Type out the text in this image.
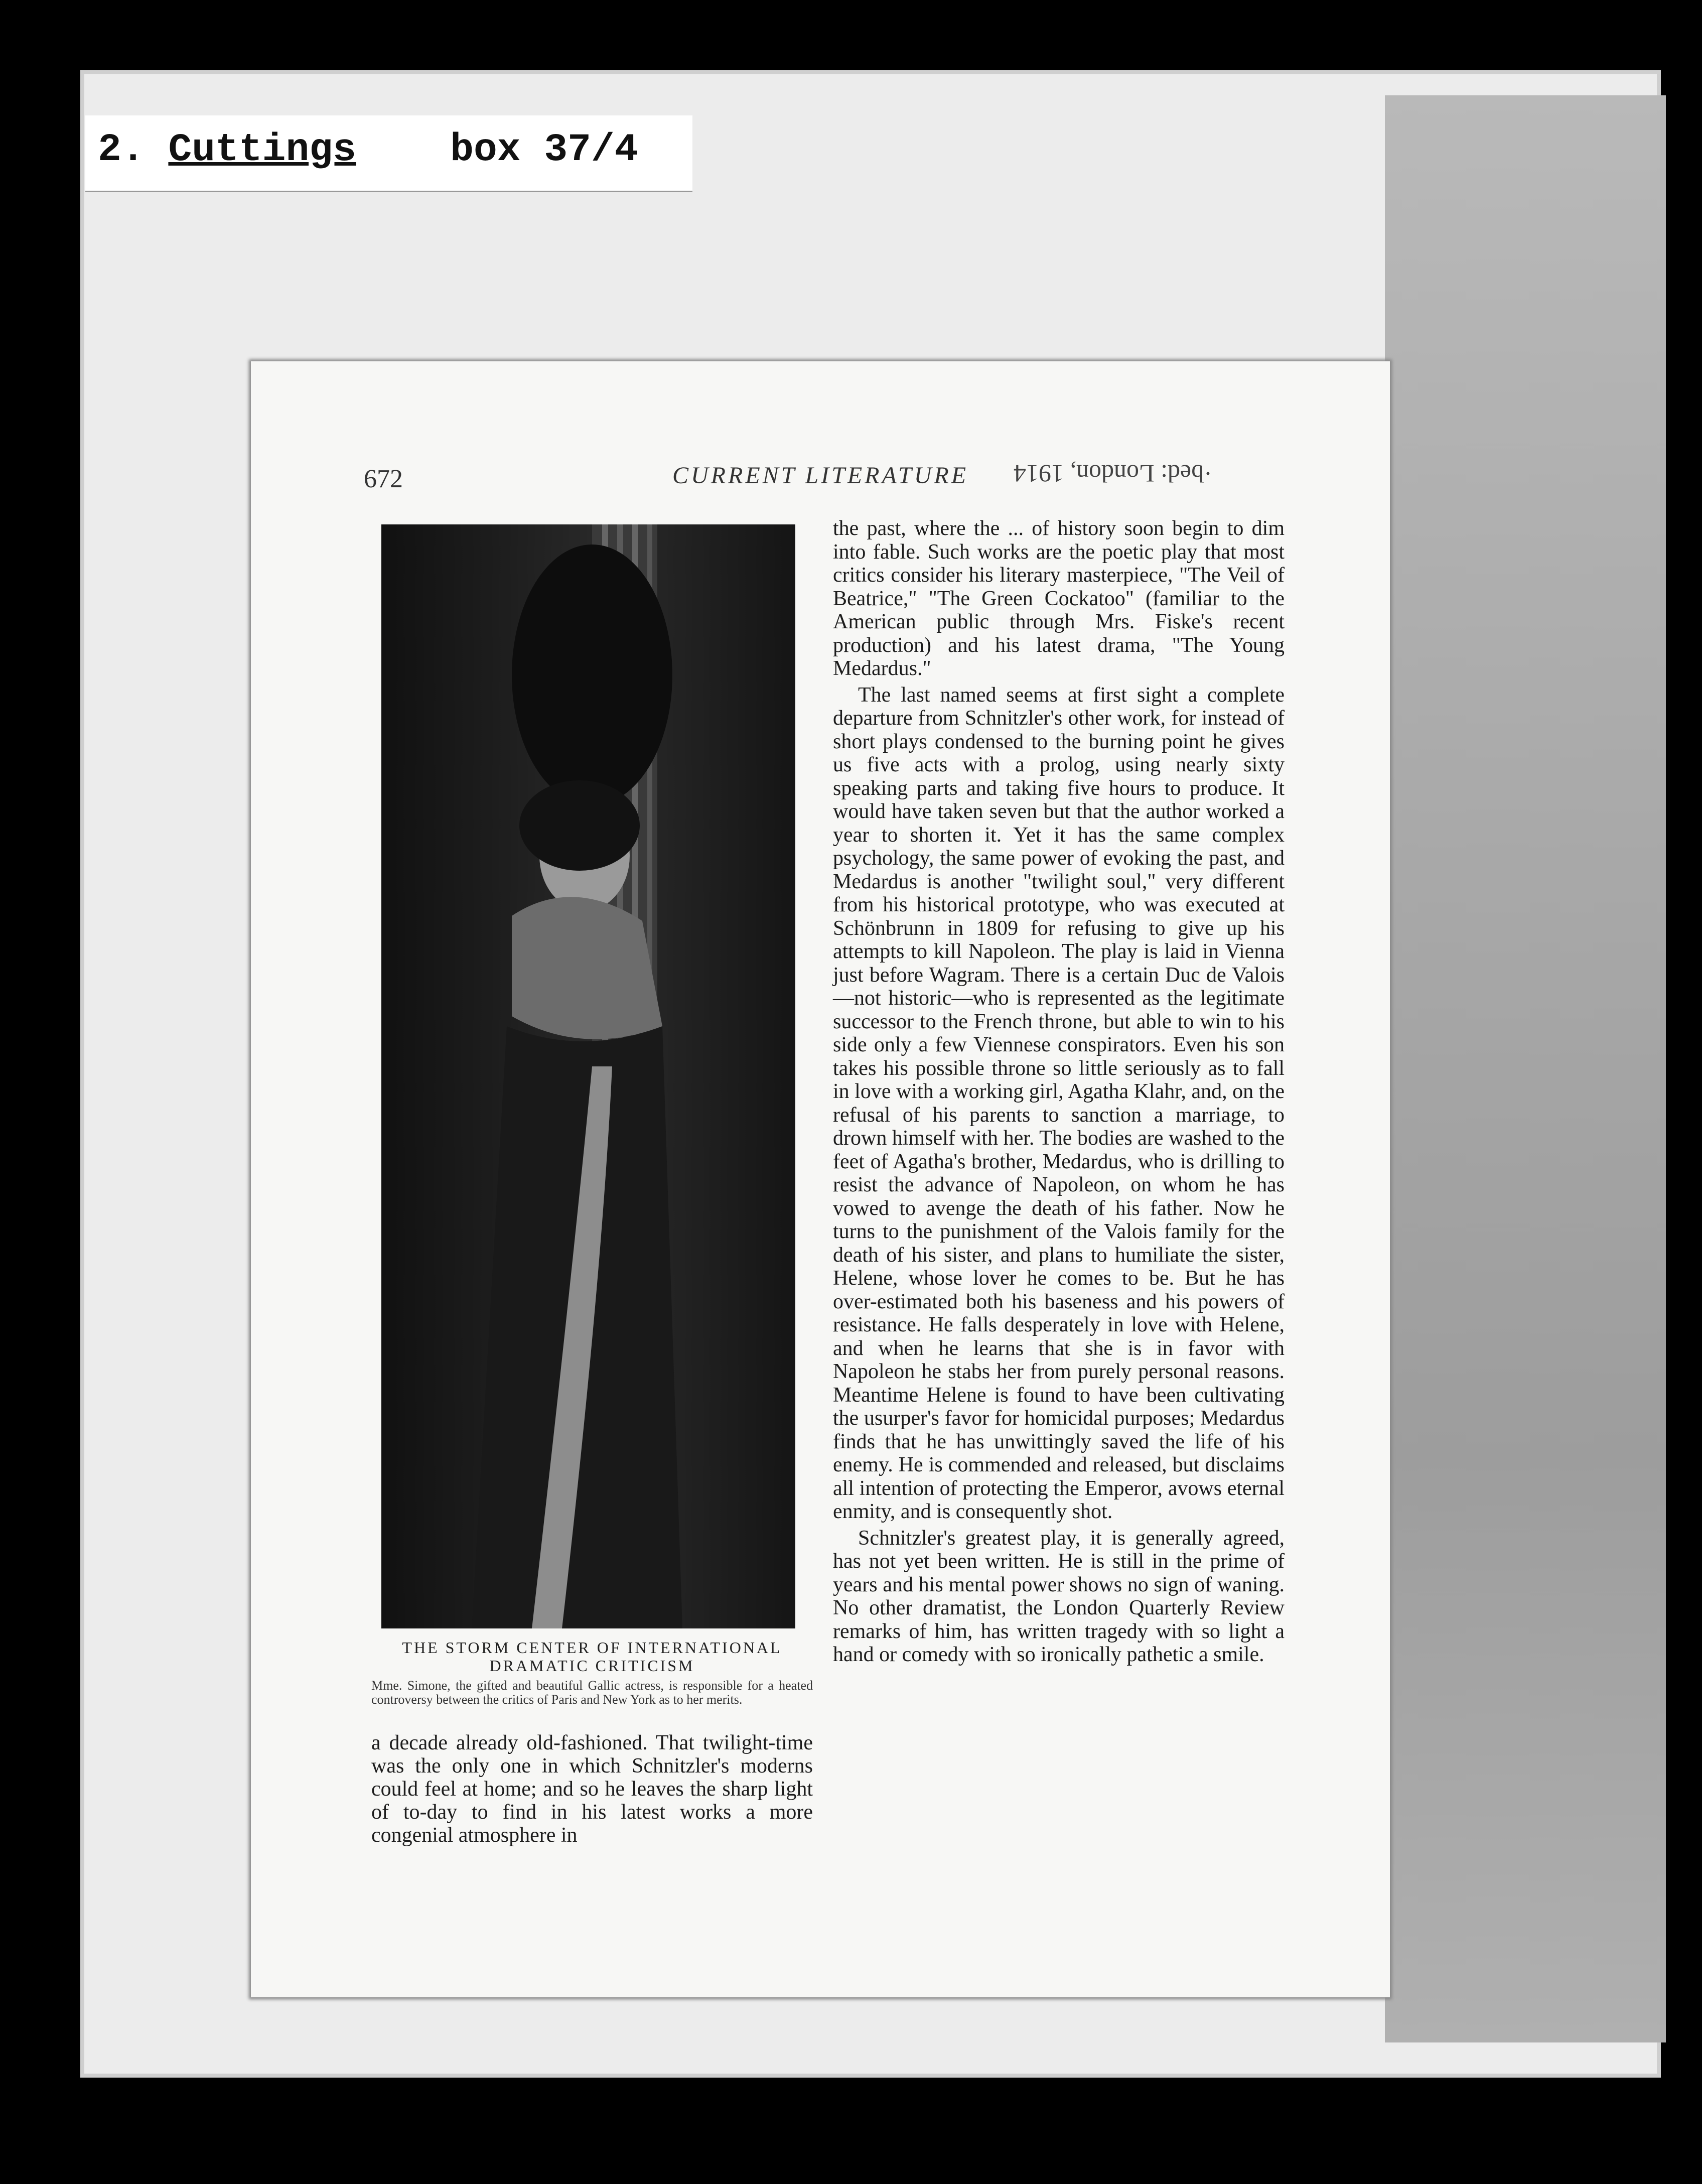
2. Cuttings box 37/4
672	CURRENT LITERATURE ·bed: London, 1914
THE STORM CENTER OF INTERNATIONAL DRAMATIC CRITICISM
Mme. Simone, the gifted and beautiful Gallic actress, is responsible for a heated controversy between the critics of Paris and New York as to her merits.
a decade already old-fashioned. That twilight-time was the only one in which Schnitzler's moderns could feel at home; and so he leaves the sharp light of to-day to find in his latest works a more congenial atmosphere in

the past, where the ... of history soon begin to dim into fable. Such works are the poetic play that most critics consider his literary masterpiece, "The Veil of Beatrice," "The Green Cockatoo" (familiar to the American public through Mrs. Fiske's recent production) and his latest drama, "The Young Medardus."

The last named seems at first sight a complete departure from Schnitzler's other work, for instead of short plays condensed to the burning point he gives us five acts with a prolog, using nearly sixty speaking parts and taking five hours to produce. It would have taken seven but that the author worked a year to shorten it. Yet it has the same complex psychology, the same power of evoking the past, and Medardus is another "twilight soul," very different from his historical prototype, who was executed at Schönbrunn in 1809 for refusing to give up his attempts to kill Napoleon. The play is laid in Vienna just before Wagram. There is a certain Duc de Valois—not historic—who is represented as the legitimate successor to the French throne, but able to win to his side only a few Viennese conspirators. Even his son takes his possible throne so little seriously as to fall in love with a working girl, Agatha Klahr, and, on the refusal of his parents to sanction a marriage, to drown himself with her. The bodies are washed to the feet of Agatha's brother, Medardus, who is drilling to resist the advance of Napoleon, on whom he has vowed to avenge the death of his father. Now he turns to the punishment of the Valois family for the death of his sister, and plans to humiliate the sister, Helene, whose lover he comes to be. But he has over-estimated both his baseness and his powers of resistance. He falls desperately in love with Helene, and when he learns that she is in favor with Napoleon he stabs her from purely personal reasons. Meantime Helene is found to have been cultivating the usurper's favor for homicidal purposes; Medardus finds that he has unwittingly saved the life of his enemy. He is commended and released, but disclaims all intention of protecting the Emperor, avows eternal enmity, and is consequently shot.

Schnitzler's greatest play, it is generally agreed, has not yet been written. He is still in the prime of years and his mental power shows no sign of waning. No other dramatist, the London Quarterly Review remarks of him, has written tragedy with so light a hand or comedy with so ironically pathetic a smile.
